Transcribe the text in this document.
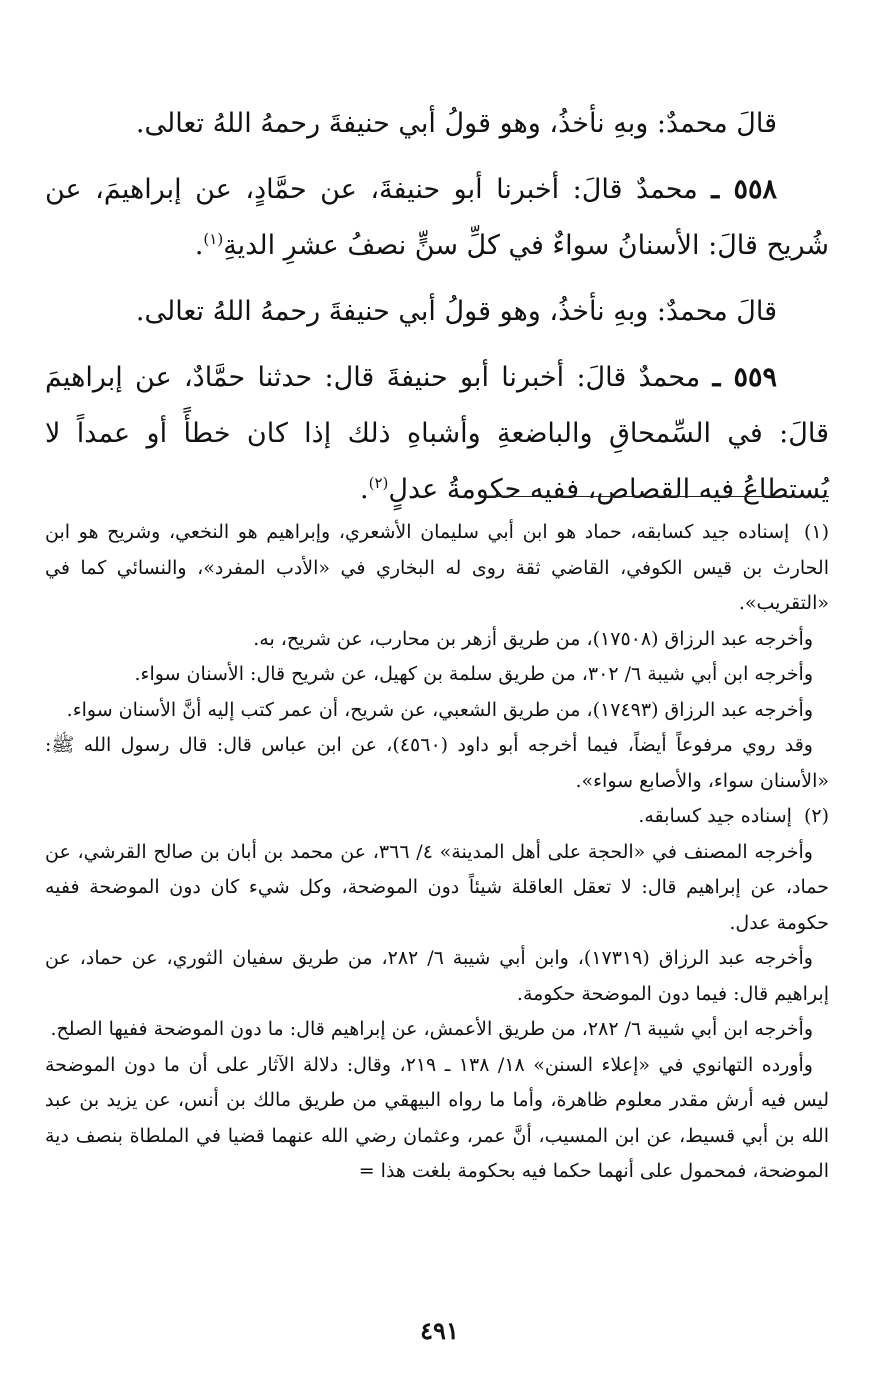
قالَ محمدٌ: وبهِ نأخذُ، وهو قولُ أبي حنيفةَ رحمهُ اللهُ تعالى.

٥٥٨ ـ محمدٌ قالَ: أخبرنا أبو حنيفةَ، عن حمَّادٍ، عن إبراهيمَ، عن شُريح قالَ: الأسنانُ سواءٌ في كلِّ سنٍّ نصفُ عشرِ الديةِ$^{(١)}$.

قالَ محمدٌ: وبهِ نأخذُ، وهو قولُ أبي حنيفةَ رحمهُ اللهُ تعالى.

٥٥٩ ـ محمدٌ قالَ: أخبرنا أبو حنيفةَ قال: حدثنا حمَّادٌ، عن إبراهيمَ قالَ: في السِّمحاقِ والباضعةِ وأشباهِ ذلك إذا كان خطأً أو عمداً لا يُستطاعُ فيه القصاص، ففيه حكومةُ عدلٍ$^{(٢)}$.

(١) إسناده جيد كسابقه، حماد هو ابن أبي سليمان الأشعري، وإبراهيم هو النخعي، وشريح هو ابن الحارث بن قيس الكوفي، القاضي ثقة روى له البخاري في «الأدب المفرد»، والنسائي كما في «التقريب».

وأخرجه عبد الرزاق (١٧٥٠٨)، من طريق أزهر بن محارب، عن شريح، به.

وأخرجه ابن أبي شيبة ٦/ ٣٠٢، من طريق سلمة بن كهيل، عن شريح قال: الأسنان سواء.

وأخرجه عبد الرزاق (١٧٤٩٣)، من طريق الشعبي، عن شريح، أن عمر كتب إليه أنَّ الأسنان سواء.

وقد روي مرفوعاً أيضاً، فيما أخرجه أبو داود (٤٥٦٠)، عن ابن عباس قال: قال رسول الله ﷺ: «الأسنان سواء، والأصابع سواء».

(٢) إسناده جيد كسابقه.

وأخرجه المصنف في «الحجة على أهل المدينة» ٤/ ٣٦٦، عن محمد بن أبان بن صالح القرشي، عن حماد، عن إبراهيم قال: لا تعقل العاقلة شيئاً دون الموضحة، وكل شيء كان دون الموضحة ففيه حكومة عدل.

وأخرجه عبد الرزاق (١٧٣١٩)، وابن أبي شيبة ٦/ ٢٨٢، من طريق سفيان الثوري، عن حماد، عن إبراهيم قال: فيما دون الموضحة حكومة.

وأخرجه ابن أبي شيبة ٦/ ٢٨٢، من طريق الأعمش، عن إبراهيم قال: ما دون الموضحة ففيها الصلح.

وأورده التهانوي في «إعلاء السنن» ١٨/ ١٣٨ ـ ٢١٩، وقال: دلالة الآثار على أن ما دون الموضحة ليس فيه أرش مقدر معلوم ظاهرة، وأما ما رواه البيهقي من طريق مالك بن أنس، عن يزيد بن عبد الله بن أبي قسيط، عن ابن المسيب، أنَّ عمر، وعثمان رضي الله عنهما قضيا في الملطاة بنصف دية الموضحة، فمحمول على أنهما حكما فيه بحكومة بلغت هذا =

٤٩١
